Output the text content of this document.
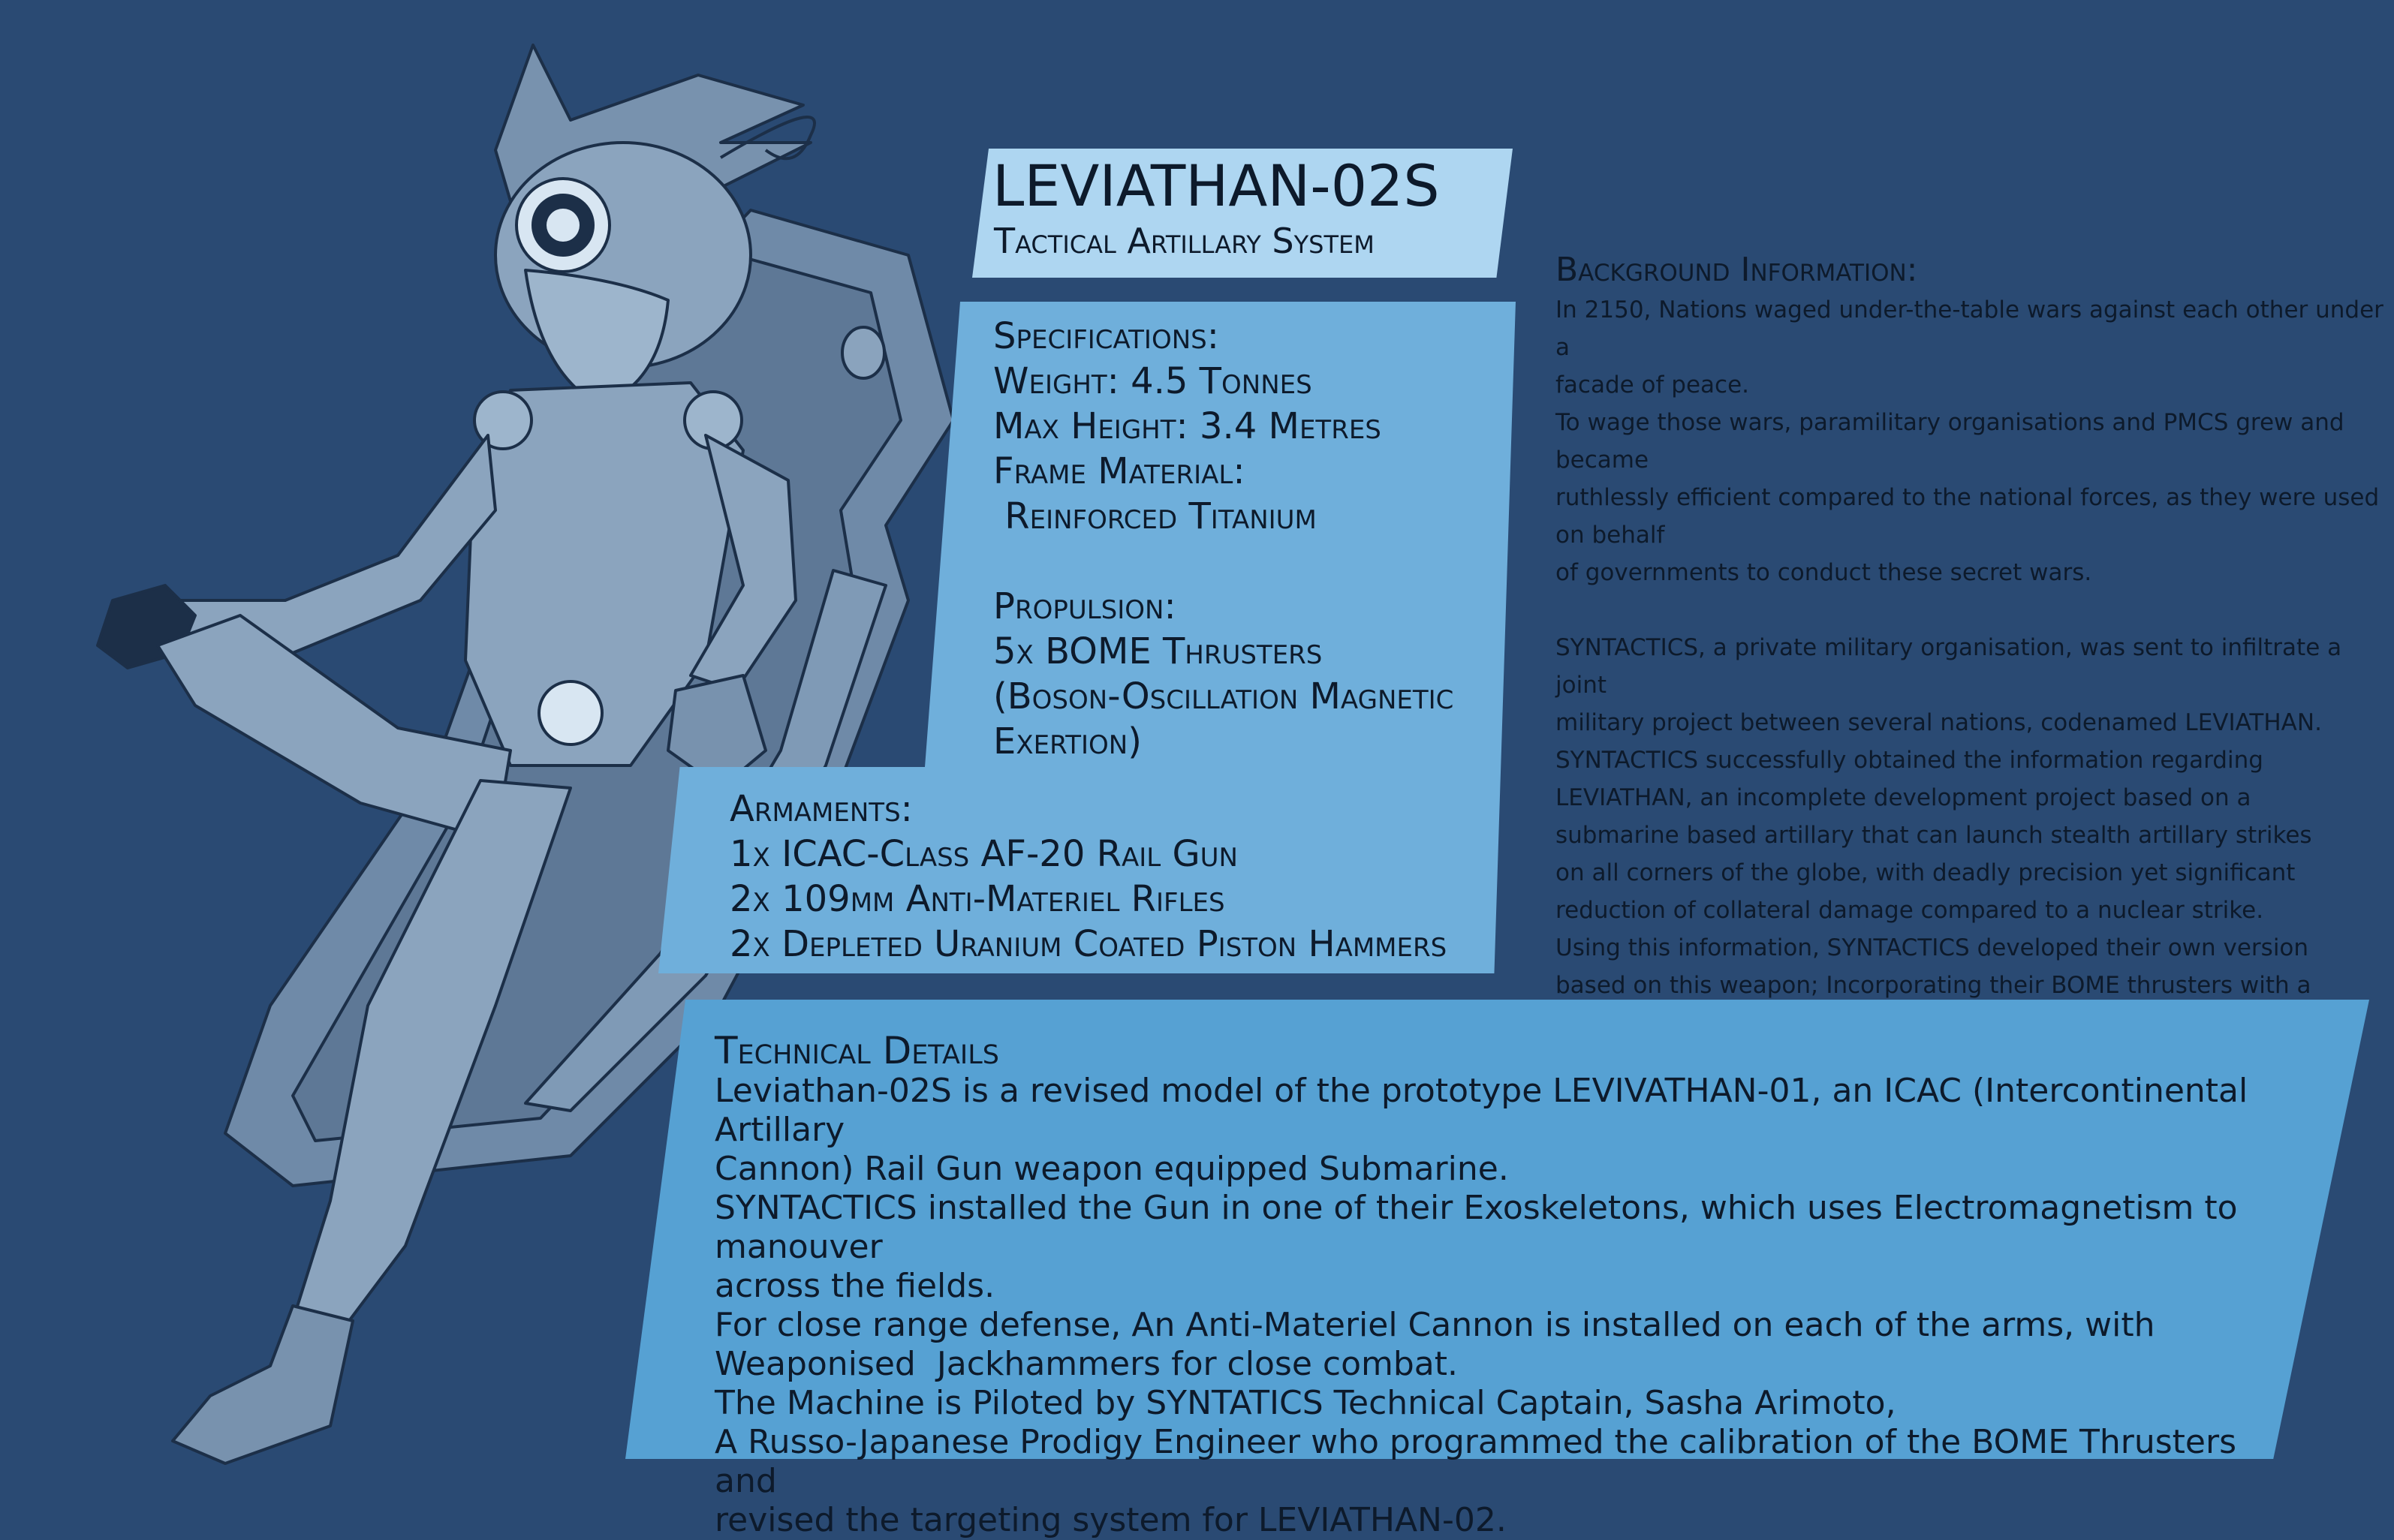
LEVIATHAN-02S
Tactical Artillary System
Specifications:
Weight: 4.5 Tonnes
Max Height: 3.4 Metres
Frame Material:
Reinforced Titanium
Propulsion:
5x BOME Thrusters
(Boson-Oscillation Magnetic
Exertion)
Armaments:
1x ICAC-Class AF-20 Rail Gun
2x 109mm Anti-Materiel Rifles
2x Depleted Uranium Coated Piston Hammers
Background Information:

In 2150, Nations waged under-the-table wars against each other under a

facade of peace.

To wage those wars, paramilitary organisations and PMCS grew and became

ruthlessly efficient compared to the national forces, as they were used on behalf

of governments to conduct these secret wars.

SYNTACTICS, a private military organisation, was sent to infiltrate a joint

military project between several nations, codenamed LEVIATHAN.

SYNTACTICS successfully obtained the information regarding

LEVIATHAN, an incomplete development project based on a

submarine based artillary that can launch stealth artillary strikes

on all corners of the globe, with deadly precision yet significant

reduction of collateral damage compared to a nuclear strike.

Using this information, SYNTACTICS developed their own version

based on this weapon; Incorporating their BOME thrusters with a

Technical Details

Leviathan-02S is a revised model of the prototype LEVIVATHAN-01, an ICAC (Intercontinental Artillary

Cannon) Rail Gun weapon equipped Submarine.

SYNTACTICS installed the Gun in one of their Exoskeletons, which uses Electromagnetism to manouver

across the fields.

For close range defense, An Anti-Materiel Cannon is installed on each of the arms, with

Weaponised  Jackhammers for close combat.

The Machine is Piloted by SYNTATICS Technical Captain, Sasha Arimoto,

A Russo-Japanese Prodigy Engineer who programmed the calibration of the BOME Thrusters and

revised the targeting system for LEVIATHAN-02.
